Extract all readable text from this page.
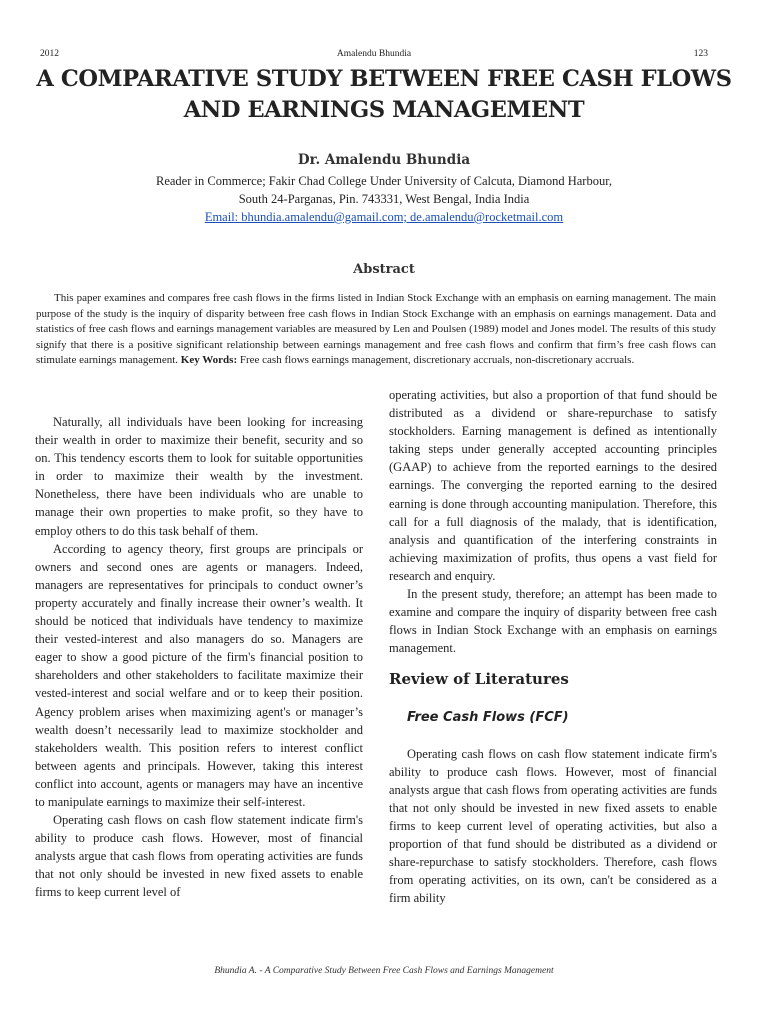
2012	Amalendu Bhundia	123
A COMPARATIVE STUDY BETWEEN FREE CASH FLOWS AND EARNINGS MANAGEMENT
Dr. Amalendu Bhundia
Reader in Commerce; Fakir Chad College Under University of Calcuta, Diamond Harbour,
South 24-Parganas, Pin. 743331, West Bengal, India India
Email: bhundia.amalendu@gamail.com; de.amalendu@rocketmail.com
Abstract

This paper examines and compares free cash flows in the firms listed in Indian Stock Exchange with an emphasis on earning management. The main purpose of the study is the inquiry of disparity between free cash flows in Indian Stock Exchange with an emphasis on earnings management. Data and statistics of free cash flows and earnings management variables are measured by Len and Poulsen (1989) model and Jones model. The results of this study signify that there is a positive significant relationship between earnings management and free cash flows and confirm that firm’s free cash flows can stimulate earnings management. Key Words: Free cash flows earnings management, discretionary accruals, non-discretionary accruals.

Naturally, all individuals have been looking for increasing their wealth in order to maximize their benefit, security and so on. This tendency escorts them to look for suitable opportunities in order to maximize their wealth by the investment. Nonetheless, there have been individuals who are unable to manage their own properties to make profit, so they have to employ others to do this task behalf of them.

According to agency theory, first groups are principals or owners and second ones are agents or managers. Indeed, managers are representatives for principals to conduct owner’s property accurately and finally increase their owner’s wealth. It should be noticed that individuals have tendency to maximize their vested-interest and also managers do so. Managers are eager to show a good picture of the firm's financial position to shareholders and other stakeholders to facilitate maximize their vested-interest and social welfare and or to keep their position. Agency problem arises when maximizing agent's or manager’s wealth doesn’t necessarily lead to maximize stockholder and stakeholders wealth. This position refers to interest conflict between agents and principals. However, taking this interest conflict into account, agents or managers may have an incentive to manipulate earnings to maximize their self-interest.

Operating cash flows on cash flow statement indicate firm's ability to produce cash flows. However, most of financial analysts argue that cash flows from operating activities are funds that not only should be invested in new fixed assets to enable firms to keep current level of

operating activities, but also a proportion of that fund should be distributed as a dividend or share-repurchase to satisfy stockholders. Earning management is defined as intentionally taking steps under generally accepted accounting principles (GAAP) to achieve from the reported earnings to the desired earnings. The converging the reported earning to the desired earning is done through accounting manipulation. Therefore, this call for a full diagnosis of the malady, that is identification, analysis and quantification of the interfering constraints in achieving maximization of profits, thus opens a vast field for research and enquiry.

In the present study, therefore; an attempt has been made to examine and compare the inquiry of disparity between free cash flows in Indian Stock Exchange with an emphasis on earnings management.

Review of Literatures
Free Cash Flows (FCF)

Operating cash flows on cash flow statement indicate firm's ability to produce cash flows. However, most of financial analysts argue that cash flows from operating activities are funds that not only should be invested in new fixed assets to enable firms to keep current level of operating activities, but also a proportion of that fund should be distributed as a dividend or share-repurchase to satisfy stockholders. Therefore, cash flows from operating activities, on its own, can't be considered as a firm ability

Bhundia A. - A Comparative Study Between Free Cash Flows and Earnings Management
